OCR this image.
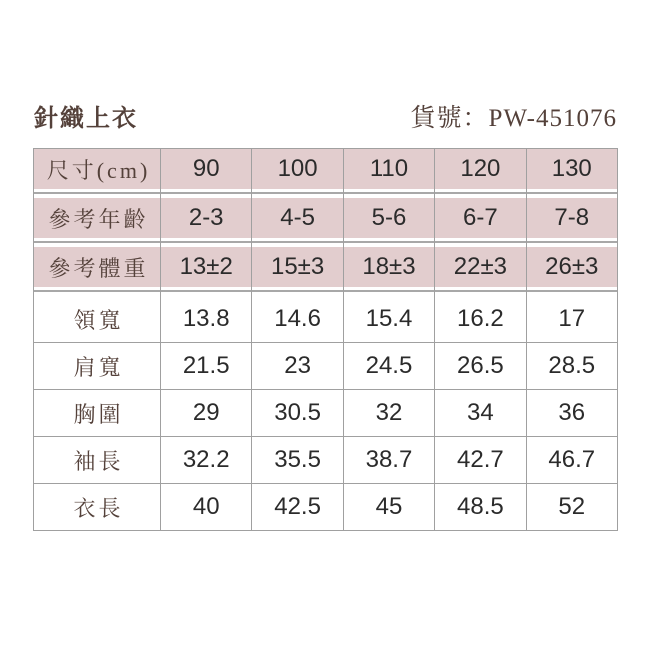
針織上衣	貨號：PW-451076
尺寸(cm)	90	100	110	120	130

參考年齡	2-3	4-5	5-6	6-7	7-8

參考體重	13±2	15±3	18±3	22±3	26±3

領寬	13.8	14.6	15.4	16.2	17
肩寬	21.5	23	24.5	26.5	28.5
胸圍	29	30.5	32	34	36
袖長	32.2	35.5	38.7	42.7	46.7
衣長	40	42.5	45	48.5	52
